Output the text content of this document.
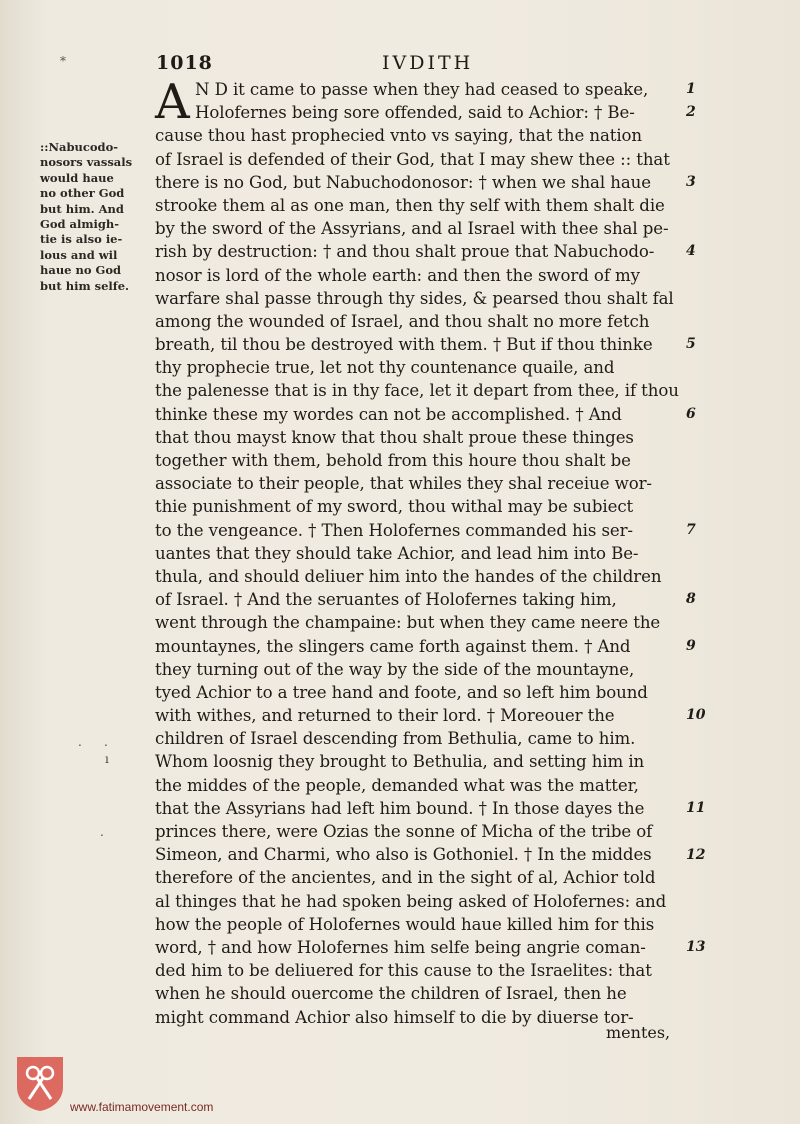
*	1018	IVDITH
::Nabucodo-
nosors vassals
would haue
no other God
but him. And
God almigh-
tie is also ie-
lous and wil
haue no God
but him selfe.
A N D it came to passe when they had ceased to speake,
Holofernes being sore offended, said to Achior: † Be-
cause thou hast prophecied vnto vs saying, that the nation
of Israel is defended of their God, that I may shew thee :: that
there is no God, but Nabuchodonosor: † when we shal haue
strooke them al as one man, then thy self with them shalt die
by the sword of the Assyrians, and al Israel with thee shal pe-
rish by destruction: † and thou shalt proue that Nabuchodo-
nosor is lord of the whole earth: and then the sword of my
warfare shal passe through thy sides, & pearsed thou shalt fal
among the wounded of Israel, and thou shalt no more fetch
breath, til thou be destroyed with them. † But if thou thinke
thy prophecie true, let not thy countenance quaile, and
the palenesse that is in thy face, let it depart from thee, if thou
thinke these my wordes can not be accomplished. † And
that thou mayst know that thou shalt proue these thinges
together with them, behold from this houre thou shalt be
associate to their people, that whiles they shal receiue wor-
thie punishment of my sword, thou withal may be subiect
to the vengeance. † Then Holofernes commanded his ser-
uantes that they should take Achior, and lead him into Be-
thula, and should deliuer him into the handes of the children
of Israel. † And the seruantes of Holofernes taking him,
went through the champaine: but when they came neere the
mountaynes, the slingers came forth against them. † And
they turning out of the way by the side of the mountayne,
tyed Achior to a tree hand and foote, and so left him bound
with withes, and returned to their lord. † Moreouer the
children of Israel descending from Bethulia, came to him.
Whom loosnig they brought to Bethulia, and setting him in
the middes of the people, demanded what was the matter,
that the Assyrians had left him bound. † In those dayes the
princes there, were Ozias the sonne of Micha of the tribe of
Simeon, and Charmi, who also is Gothoniel. † In the middes
therefore of the ancientes, and in the sight of al, Achior told
al thinges that he had spoken being asked of Holofernes: and
how the people of Holofernes would haue killed him for this
word, † and how Holofernes him selfe being angrie coman-
ded him to be deliuered for this cause to the Israelites: that
when he should ouercome the children of Israel, then he
might command Achior also himself to die by diuerse tor-
1
2
3
4
5
6
7
8
9
10
11
12
13
mentes,
. .
ı
.
www.fatimamovement.com
